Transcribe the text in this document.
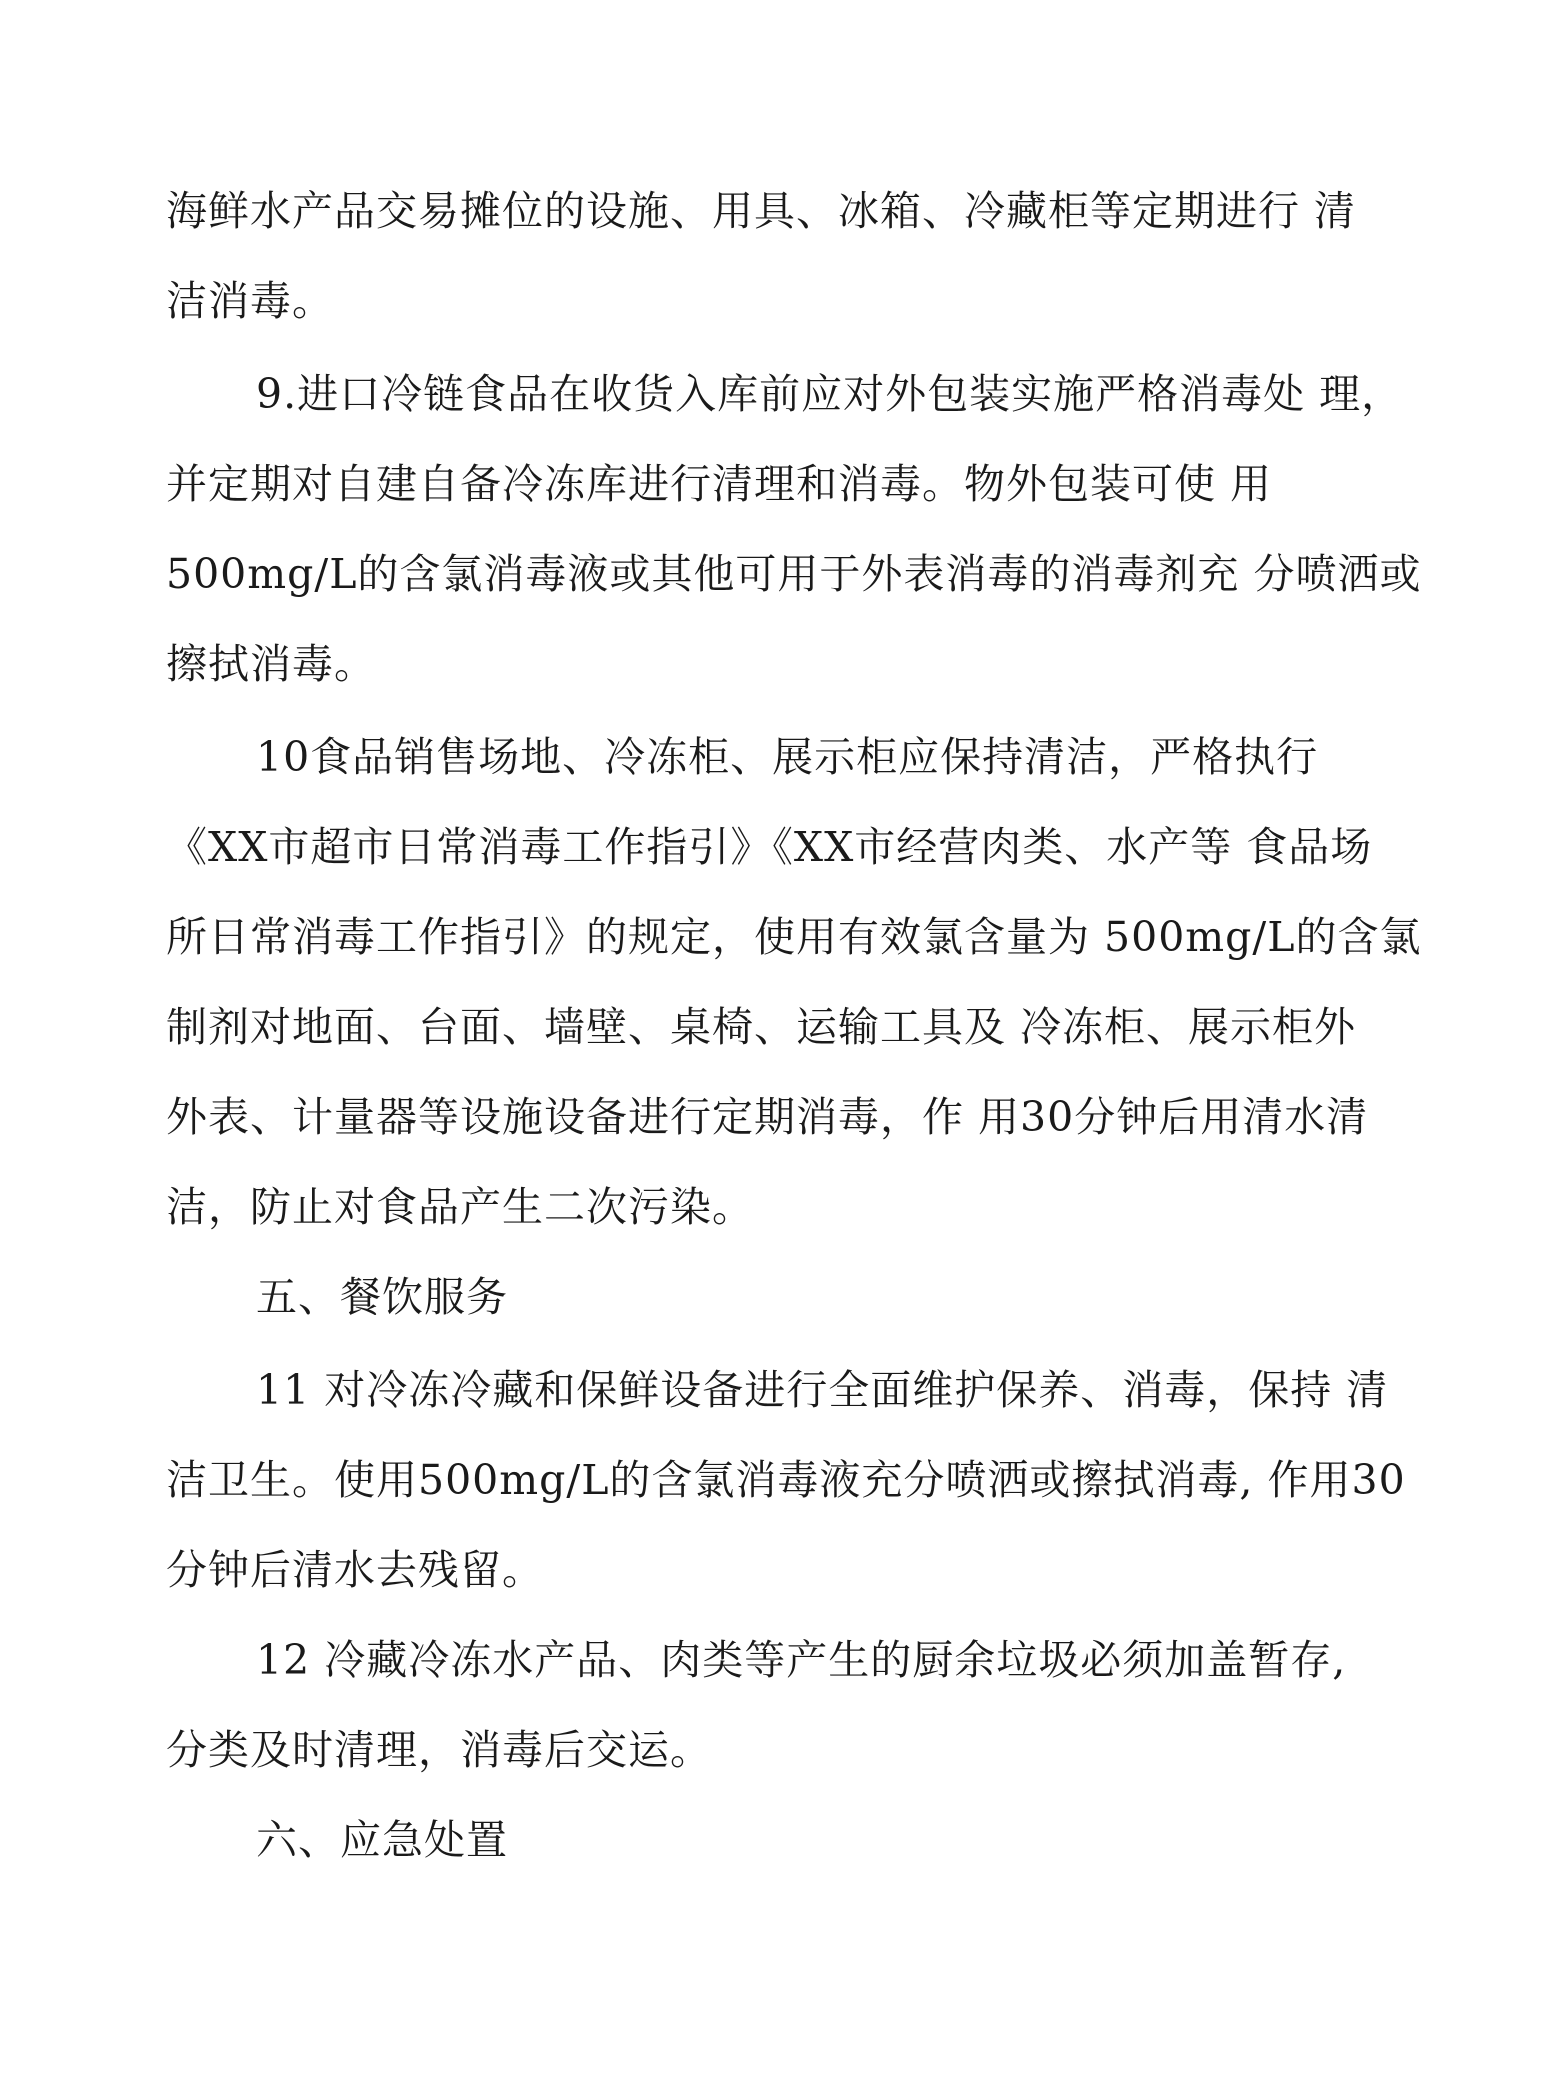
海鲜水产品交易摊位的设施、用具、冰箱、冷藏柜等定期进行 清
洁消毒。
9.进口冷链食品在收货入库前应对外包装实施严格消毒处 理，
并定期对自建自备冷冻库进行清理和消毒。物外包装可使 用
500mg/L的含氯消毒液或其他可用于外表消毒的消毒剂充 分喷洒或
擦拭消毒。
10食品销售场地、冷冻柜、展示柜应保持清洁，严格执行
《XX市超市日常消毒工作指引》《XX市经营肉类、水产等 食品场
所日常消毒工作指引》的规定，使用有效氯含量为 500mg/L的含氯
制剂对地面、台面、墙壁、桌椅、运输工具及 冷冻柜、展示柜外
外表、计量器等设施设备进行定期消毒，作 用30分钟后用清水清
洁，防止对食品产生二次污染。
五、餐饮服务
11 对冷冻冷藏和保鲜设备进行全面维护保养、消毒，保持 清
洁卫生。使用500mg/L的含氯消毒液充分喷洒或擦拭消毒, 作用30
分钟后清水去残留。
12 冷藏冷冻水产品、肉类等产生的厨余垃圾必须加盖暂存,
分类及时清理，消毒后交运。
六、应急处置
